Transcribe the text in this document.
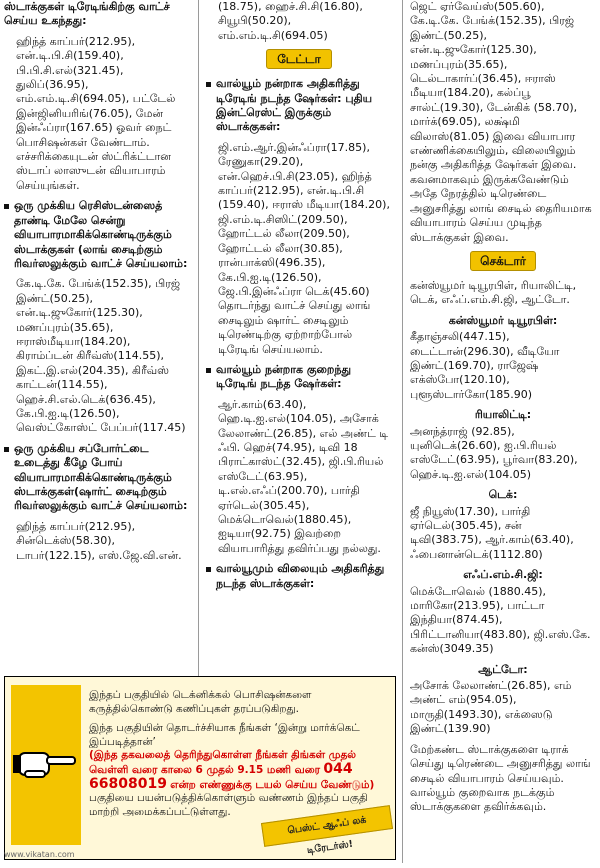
ஸ்டாக்குகள் டிரேடிங்கிற்கு வாட்ச் செய்ய உகந்தது:

ஹிந்த் காப்பர்(212.95), என்.டி.பி.சி(159.40), பி.பி.சி.எல்(321.45), துலிப்(36.95), எம்.எம்.டி.சி(694.05), பட்டேல் இன்ஜினியரிங்(76.05), மேன் இன்ஃப்ரா(167.65) ஓவர் நைட் பொசிஷன்கள் வேண்டாம். எச்சரிக்கையுடன் ஸ்ட்ரிக்ட்டான ஸ்டாப் லாஸுடன் வியாபாரம் செய்யுங்கள்.

ஒரு முக்கிய ரெசிஸ்டன்ஸைத் தாண்டி மேலே சென்று வியாபாரமாகிக்கொண்டிருக்கும் ஸ்டாக்குகள் (லாங் சைடிற்கும் ரிவர்ஸலுக்கும் வாட்ச் செய்யலாம்:

கே.டி.கே. பேங்க்(152.35), பிரஜ் இண்ட்(50.25), என்.டி.ஜுகோர்(125.30), மணப்புரம்(35.65), ஈராஸ்மீடியா(184.20), கிராம்ப்டன் கிரீவ்ஸ்(114.55), இகட்.இ.எல்(204.35), கிரீவ்ஸ் காட்டன்(114.55), ஹெச்.சி.எல்.டெக்(636.45), கே.பி.ஐ.டி(126.50), வெஸ்ட்கோஸ்ட் பேப்பர்(117.45)

ஒரு முக்கிய சப்போர்ட்டை உடைத்து கீழே போய் வியாபாரமாகிக்கொண்டிருக்கும் ஸ்டாக்குகள்(ஷார்ட் சைடிற்கும் ரிவர்ஸலுக்கும் வாட்ச் செய்யலாம்:

ஹிந்த் காப்பர்(212.95), சின்டெக்ஸ்(58.30), டாபர்(122.15), எஸ்.ஜே.வி.என்.

(18.75), ஹைச்.சி.சி(16.80), சியூபி(50.20), எம்.எம்.டி.சி(694.05)

டேட்டா

வால்யூம் நன்றாக அதிகரித்து டிரேடிங் நடந்த ஷேர்கள்: புதிய இன்ட்ரெஸ்ட் இருக்கும் ஸ்டாக்குகள்:

ஜி.எம்.ஆர்.இன்ஃப்ரா(17.85), ரேணுகா(29.20), என்.ஹெச்.பி.சி(23.05), ஹிந்த் காப்பர்(212.95), என்.டி.பி.சி (159.40), ஈராஸ் மீடியா(184.20), ஜி.எம்.டி.சிஸிட்(209.50), ஹோட்டல் லீலா(209.50), ஹோட்டல் லீலா(30.85), ரான்பாக்ஸி(496.35), கே.பி.ஐ.டி(126.50), ஜே.பி.இன்ஃப்ரா டெக்(45.60) தொடர்ந்து வாட்ச் செய்து லாங் சைடிலும் ஷார்ட் சைடிலும் டிரெண்டிற்கு ஏற்றாற்போல் டிரேடிங் செய்யலாம்.

வால்யூம் நன்றாக குறைந்து டிரேடிங் நடந்த ஷேர்கள்:

ஆர்.காம்(63.40), ஹெ.டி.ஐ.எல்(104.05), அசோக் லேலாண்ட்(26.85), எல் அண்ட் டி ஃபி. ஹெச்(74.95), டிவி 18 பிராட்காஸ்ட்(32.45), ஜி.பி.ரியல் எஸ்டேட்(63.95), டி.எல்.எஃப்(200.70), பார்தி ஏர்டெல்(305.45), மெக்டொவெல்(1880.45), ஐடியா(92.75) இவற்றை வியாபாரித்து தவிர்ப்பது நல்லது.

வால்யூமும் விலையும் அதிகரித்து நடந்த ஸ்டாக்குகள்:

ஜெட் ஏர்வேய்ஸ்(505.60), கே.டி.கே. பேங்க்(152.35), பிரஜ் இண்ட்(50.25), என்.டி.ஜுகோர்(125.30), மணப்புரம்(35.65), டெல்டாகார்ப்(36.45), ஈராஸ் மீடியா(184.20), கல்ப்பூ சால்ட்(19.30), டேன்கிக் (58.70), மார்க்(69.05), லக்ஷ்மி விலாஸ்(81.05) இவை வியாபார எண்ணிக்கையிலும், விலையிலும் நன்கு அதிகரித்த ஷேர்கள் இவை. கவனமாகவும் இருக்கவேண்டும் அதே நேரத்தில் டிரெண்டை அனுசரித்து லாங் சைடில் தைரியமாக வியாபாரம் செய்ய முடிந்த ஸ்டாக்குகள் இவை.

செக்டார்

கன்ஸ்யூமர் டியூரபிள், ரியாலிட்டி, டெக், எஃப்.எம்.சி.ஜி, ஆட்டோ.

கன்ஸ்யூமர் டியூரபிள்:

கீதாஞ்சலி(447.15), டைட்டான்(296.30), வீடியோ இண்ட்(169.70), ராஜேஷ் எக்ஸ்போ(120.10), புளூஸ்டார்கோ(185.90)

ரியாலிட்டி:

அனந்த்ராஜ் (92.85), யுனிடெக்(26.60), ஐ.பி.ரியல் எஸ்டேட்(63.95), பூர்வா(83.20), ஹெச்.டி.ஐ.எல்(104.05)

டெக்:

ஜீ நியூஸ்(17.30), பார்தி ஏர்டெல்(305.45), சன் டிவி(383.75), ஆர்.காம்(63.40), ஃபைனான்டெக்(1112.80)

எஃப்.எம்.சி.ஜி:

மெக்டோவெல் (1880.45), மாரிகோ(213.95), பாட்டா இந்தியா(874.45), பிரிட்டானியா(483.80), ஜி.எஸ்.கே. கன்ஸ்(3049.35)

ஆட்டோ:

அசோக் லேலாண்ட்(26.85), எம் அண்ட் எம்(954.05), மாருதி(1493.30), எக்ஸைடு இண்ட்(139.90)

மேற்கண்ட ஸ்டாக்குகளை டிராக் செய்து டிரெண்டை அனுசரித்து லாங் சைடில் வியாபாரம் செய்யவும். வால்யூம் குறைவாக நடக்கும் ஸ்டாக்குகளை தவிர்க்கவும்.

இந்தப் பகுதியில் டெக்னிக்கல் பொசிஷன்களை கருத்தில்கொண்டு கணிப்புகள் தரப்படுகிறது.

இந்த பகுதியின் தொடர்ச்சியாக நீங்கள் ‘இன்று மார்க்கெட் இப்படித்தான்’

(இந்த தகவலைத் தெரிந்துகொள்ள நீங்கள் திங்கள் முதல் வெள்ளி வரை காலை 6 முதல் 9.15 மணி வரை 044 66808019 என்ற எண்ணுக்கு டயல் செய்ய வேண்டும்) பகுதியை பயன்படுத்திக்கொள்ளும் வண்ணம் இந்தப் பகுதி மாற்றி அமைக்கப்பட்டுள்ளது.
பெஸ்ட் ஆஃப் லக் டிரேடர்ஸ்!
www.vikatan.com
